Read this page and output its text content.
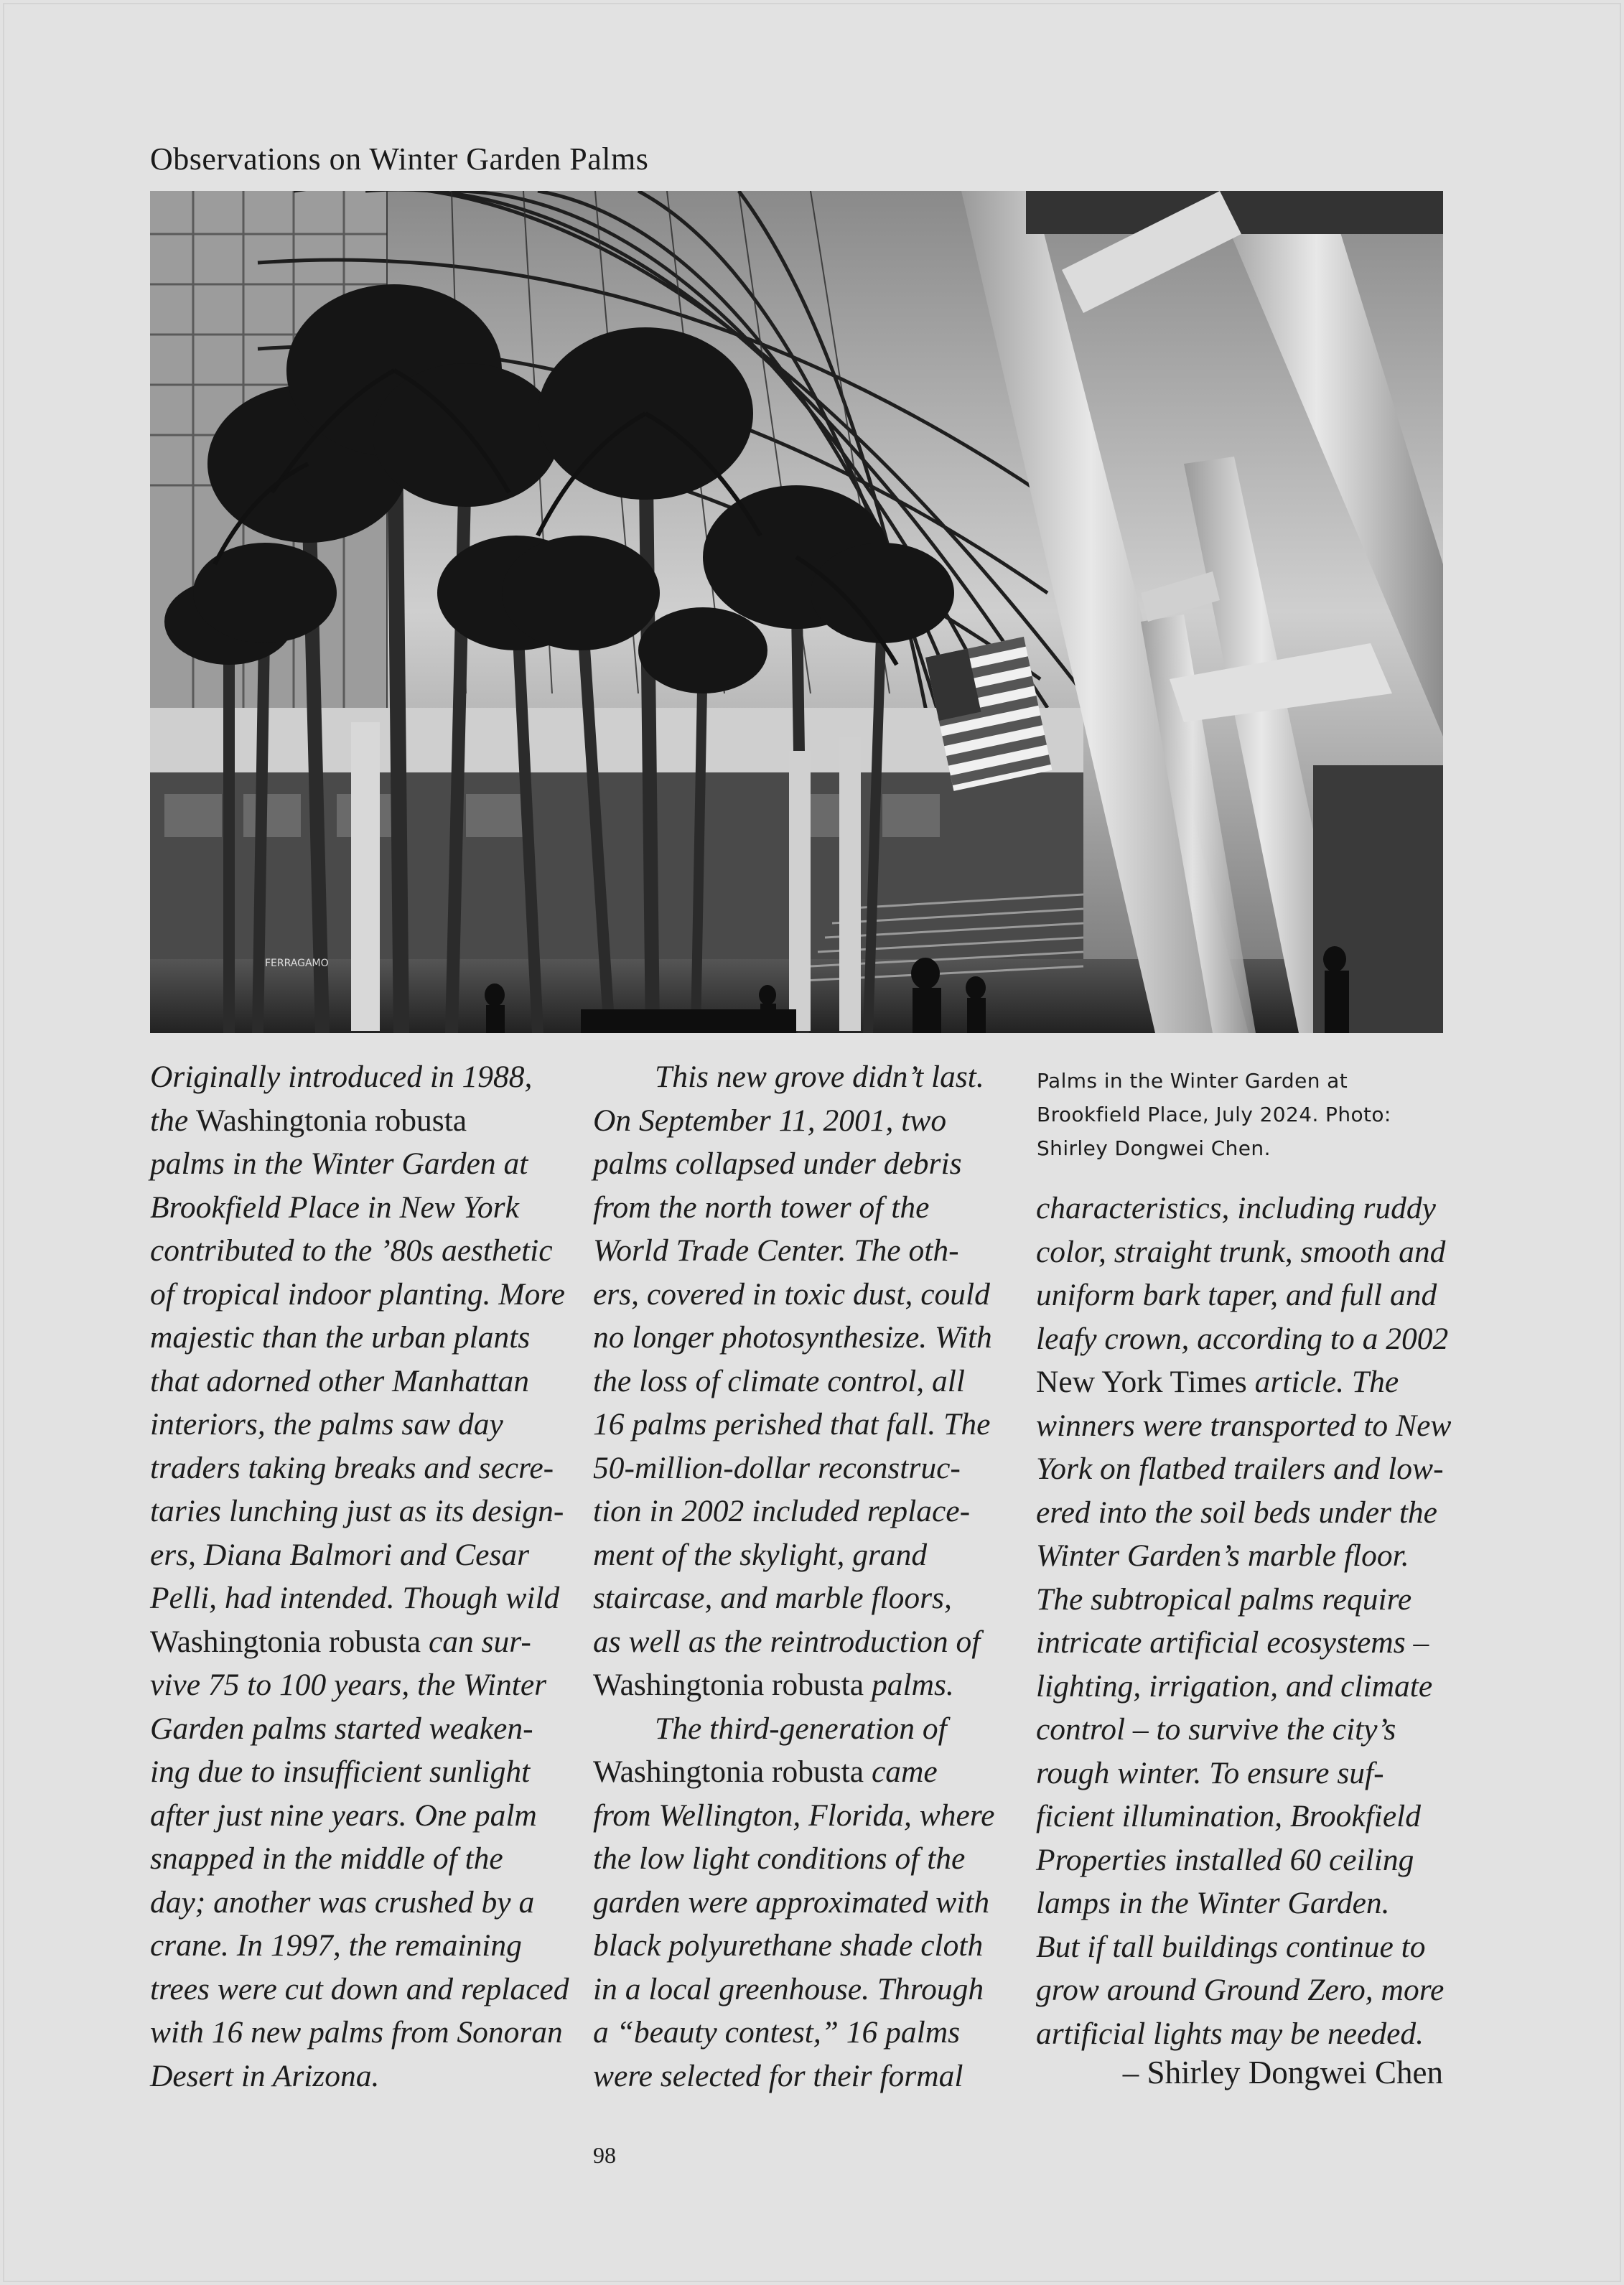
Observations on Winter Garden Palms
FERRAGAMO
Originally introduced in 1988,
the Washingtonia robusta
palms in the Winter Garden at
Brookfield Place in New York
contributed to the ’80s aesthetic
of tropical indoor planting. More
majestic than the urban plants
that adorned other Manhattan
interiors, the palms saw day
traders taking breaks and secre-
taries lunching just as its design-
ers, Diana Balmori and Cesar
Pelli, had intended. Though wild
Washingtonia robusta can sur-
vive 75 to 100 years, the Winter
Garden palms started weaken-
ing due to insufficient sunlight
after just nine years. One palm
snapped in the middle of the
day; another was crushed by a
crane. In 1997, the remaining
trees were cut down and replaced
with 16 new palms from Sonoran
Desert in Arizona.
This new grove didn’t last.
On September 11, 2001, two
palms collapsed under debris
from the north tower of the
World Trade Center. The oth-
ers, covered in toxic dust, could
no longer photosynthesize. With
the loss of climate control, all
16 palms perished that fall. The
50-million-dollar reconstruc-
tion in 2002 included replace-
ment of the skylight, grand
staircase, and marble floors,
as well as the reintroduction of
Washingtonia robusta palms.
The third-generation of
Washingtonia robusta came
from Wellington, Florida, where
the low light conditions of the
garden were approximated with
black polyurethane shade cloth
in a local greenhouse. Through
a “beauty contest,” 16 palms
were selected for their formal
Palms in the Winter Garden at
Brookfield Place, July 2024. Photo:
Shirley Dongwei Chen.
characteristics, including ruddy
color, straight trunk, smooth and
uniform bark taper, and full and
leafy crown, according to a 2002
New York Times article. The
winners were transported to New
York on flatbed trailers and low-
ered into the soil beds under the
Winter Garden’s marble floor.
The subtropical palms require
intricate artificial ecosystems –
lighting, irrigation, and climate
control – to survive the city’s
rough winter. To ensure suf-
ficient illumination, Brookfield
Properties installed 60 ceiling
lamps in the Winter Garden.
But if tall buildings continue to
grow around Ground Zero, more
artificial lights may be needed.
– Shirley Dongwei Chen
98
